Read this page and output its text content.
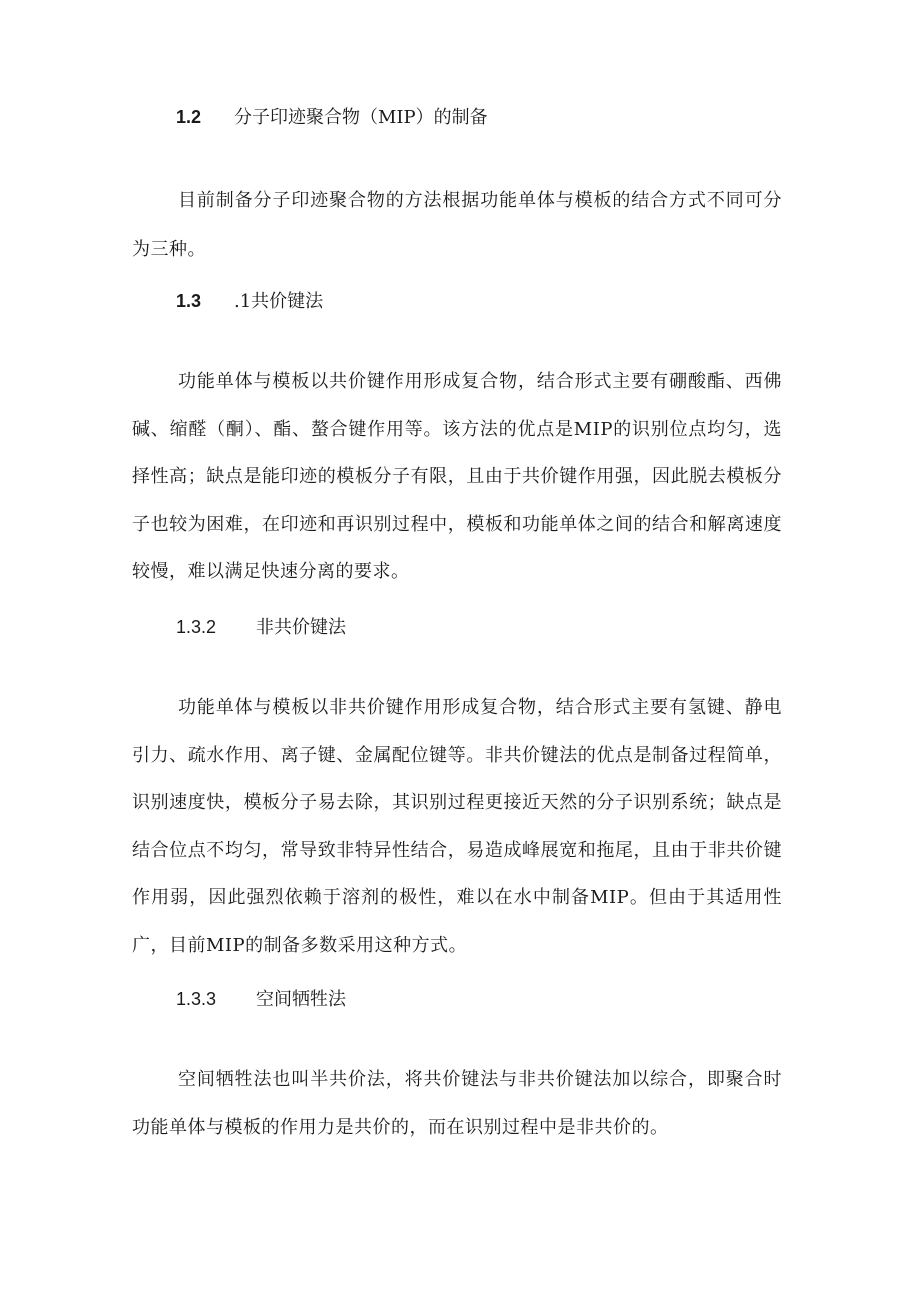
1.2 分子印迹聚合物（MIP）的制备
目前制备分子印迹聚合物的方法根据功能单体与模板的结合方式不同可分为三种。
1.3 .1共价键法
功能单体与模板以共价键作用形成复合物，结合形式主要有硼酸酯、西佛碱、缩醛（酮）、酯、螯合键作用等。该方法的优点是MIP的识别位点均匀，选择性高；缺点是能印迹的模板分子有限，且由于共价键作用强，因此脱去模板分子也较为困难，在印迹和再识别过程中，模板和功能单体之间的结合和解离速度较慢，难以满足快速分离的要求。
1.3.2 非共价键法
功能单体与模板以非共价键作用形成复合物，结合形式主要有氢键、静电引力、疏水作用、离子键、金属配位键等。非共价键法的优点是制备过程简单，识别速度快，模板分子易去除，其识别过程更接近天然的分子识别系统；缺点是结合位点不均匀，常导致非特异性结合，易造成峰展宽和拖尾，且由于非共价键作用弱，因此强烈依赖于溶剂的极性，难以在水中制备MIP。但由于其适用性广，目前MIP的制备多数采用这种方式。
1.3.3 空间牺牲法
空间牺牲法也叫半共价法，将共价键法与非共价键法加以综合，即聚合时功能单体与模板的作用力是共价的，而在识别过程中是非共价的。
